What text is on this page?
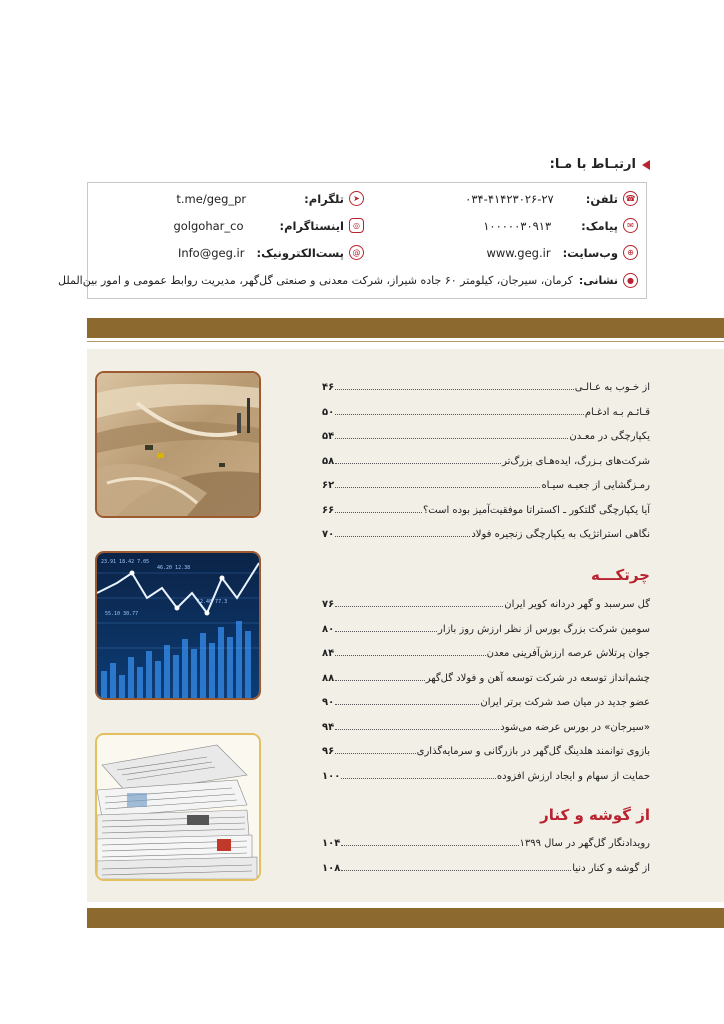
ارتبـاط با مـا:
☎
تلفن:
۰۳۴-۴۱۴۲۳۰۲۶-۲۷
✉
پیامک:
۱۰۰۰۰۰۳۰۹۱۳
⊕
وب‌سایت:
www.geg.ir
➤
تلگرام:
t.me/geg_pr
◎
اینستاگرام:
golgohar_co
@
پست‌الکترونیک:
Info@geg.ir
●
نشانی:
کرمان، سیرجان، کیلومتر ۶۰ جاده شیراز، شرکت معدنی و صنعتی گل‌گهر، مدیریت روابط عمومی و امور بین‌الملل
23.91 18.42 7.05
46.20 12.38
55.10 30.77
12.40 77.3
از خـوب به عـالـی
۴۶
قـائـم بـه ادغـام
۵۰
یکپارچگی در معـدن
۵۴
شرکت‌های بـزرگ، ایده‌هـای بزرگ‌تر
۵۸
رمـزگشایی از جعبـه سیـاه
۶۲
آیا یکپارچگی گلتکور ـ اکستراتا موفقیت‌آمیز بوده است؟
۶۶
نگاهی استراتژیک به یکپارچگی زنجیره فولاد
۷۰
گل سرسبد و گهر دردانه کویر ایران
۷۶
سومین شرکت بزرگ بورس از نظر ارزش روز بازار
۸۰
جوان پرتلاش عرصه ارزش‌آفرینی معدن
۸۴
چشم‌انداز توسعه در شرکت توسعه آهن و فولاد گل‌گهر
۸۸
عضو جدید در میان صد شرکت برتر ایران
۹۰
«سیرجان» در بورس عرضه می‌شود
۹۴
بازوی توانمند هلدینگ گل‌گهر در بازرگانی و سرمایه‌گذاری
۹۶
حمایت از سهام و ایجاد ارزش افزوده
۱۰۰
رویدادنگار گل‌گهر در سال ۱۳۹۹
۱۰۴
از گوشه و کنار دنیا
۱۰۸
چرتکـــه
از گوشه و کنار
